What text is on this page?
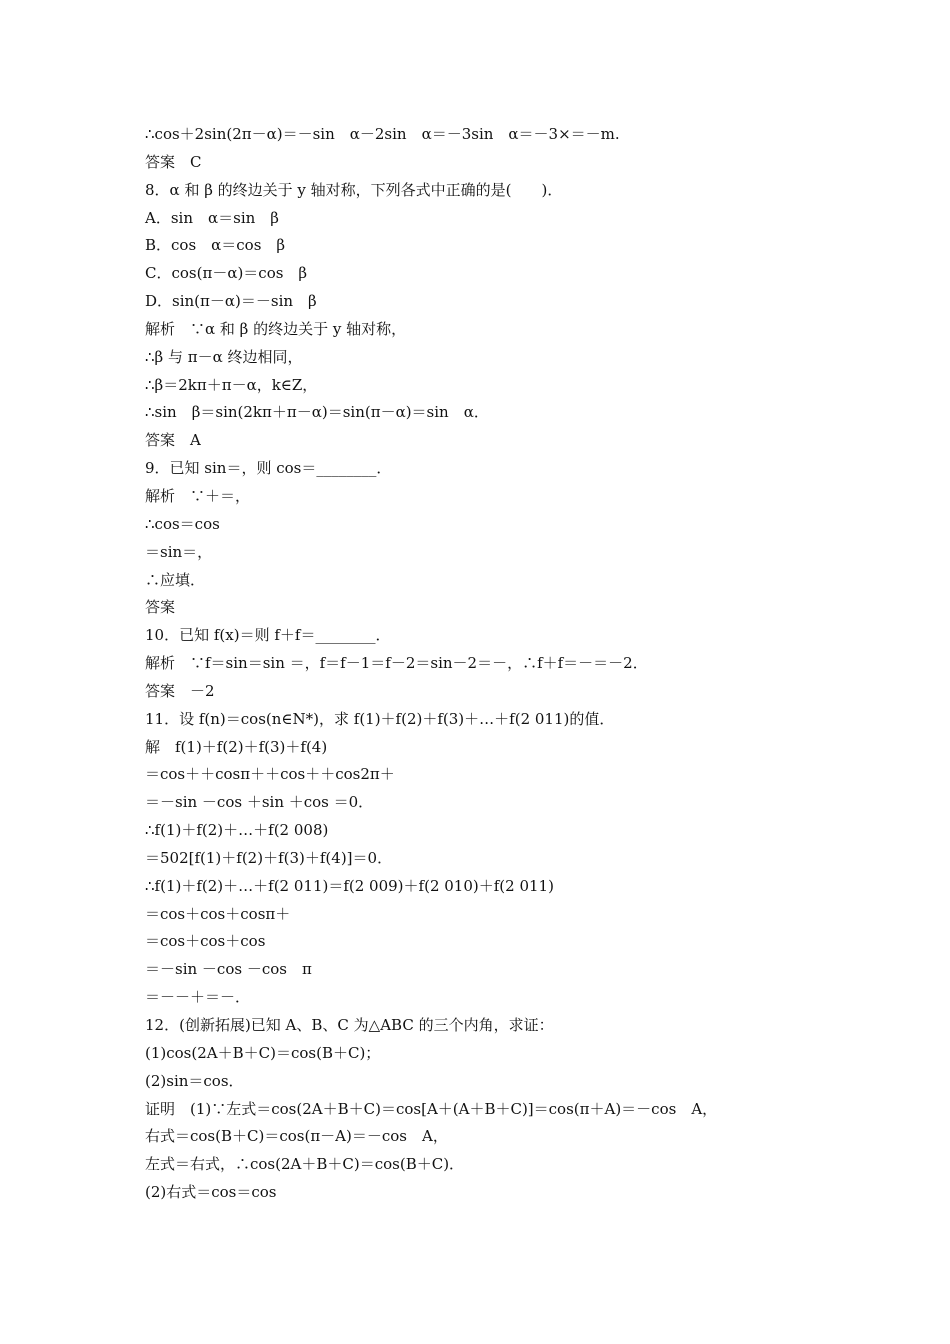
∴cos＋2sin(2π－α)＝－sin　α－2sin　α＝－3sin　α＝－3×＝－m.
答案　C
8．α 和 β 的终边关于 y 轴对称，下列各式中正确的是(　　)．
A．sin　α＝sin　β
B．cos　α＝cos　β
C．cos(π－α)＝cos　β
D．sin(π－α)＝－sin　β
解析　∵α 和 β 的终边关于 y 轴对称，
∴β 与 π－α 终边相同，
∴β＝2kπ＋π－α，k∈Z，
∴sin　β＝sin(2kπ＋π－α)＝sin(π－α)＝sin　α．
答案　A
9．已知 sin＝，则 cos＝________．
解析　∵＋＝，
∴cos＝cos
＝sin＝，
∴应填．
答案
10．已知 f(x)＝则 f＋f＝________．
解析　∵f＝sin＝sin ＝，f＝f－1＝f－2＝sin－2＝－，∴f＋f＝－＝－2．
答案　－2
11．设 f(n)＝cos(n∈N*)，求 f(1)＋f(2)＋f(3)＋…＋f(2 011)的值．
解　f(1)＋f(2)＋f(3)＋f(4)
＝cos＋＋cosπ＋＋cos＋＋cos2π＋
＝－sin －cos ＋sin ＋cos ＝0．
∴f(1)＋f(2)＋…＋f(2 008)
＝502[f(1)＋f(2)＋f(3)＋f(4)]＝0．
∴f(1)＋f(2)＋…＋f(2 011)＝f(2 009)＋f(2 010)＋f(2 011)
＝cos＋cos＋cosπ＋
＝cos＋cos＋cos
＝－sin －cos －cos　π
＝－－＋＝－．
12．(创新拓展)已知 A、B、C 为△ABC 的三个内角，求证：
(1)cos(2A＋B＋C)＝cos(B＋C)；
(2)sin＝cos．
证明　(1)∵左式＝cos(2A＋B＋C)＝cos[A＋(A＋B＋C)]＝cos(π＋A)＝－cos　A，
右式＝cos(B＋C)＝cos(π－A)＝－cos　A，
左式＝右式，∴cos(2A＋B＋C)＝cos(B＋C)．
(2)右式＝cos＝cos
